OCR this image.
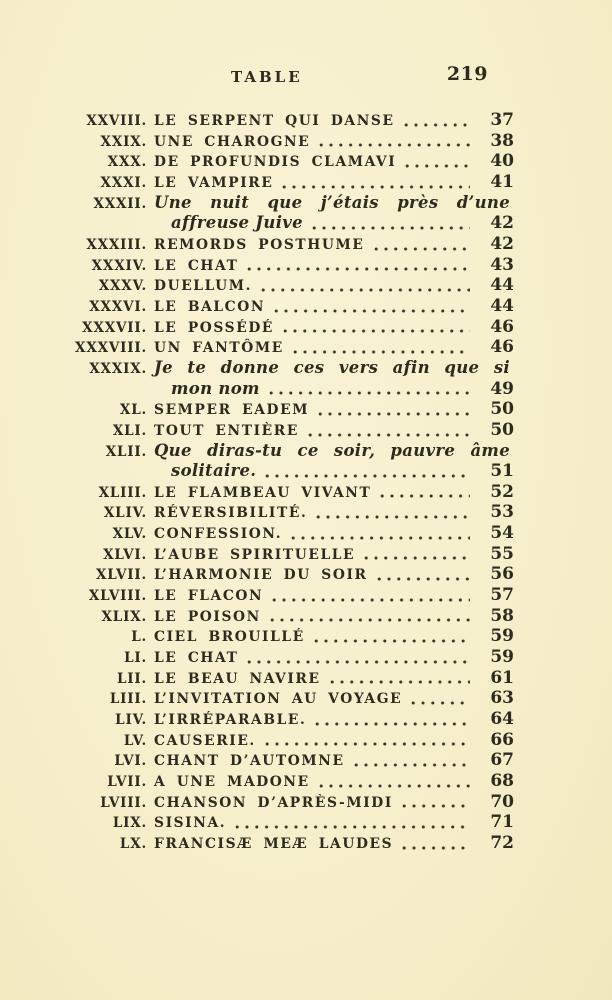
TABLE	219
XXVIII. LE SERPENT QUI DANSE	37
XXIX. UNE CHAROGNE	38
XXX. DE PROFUNDIS CLAMAVI	40
XXXI. LE VAMPIRE	41
XXXII. Une nuit que j’étais près d’une
affreuse Juive	42
XXXIII. REMORDS POSTHUME	42
XXXIV. LE CHAT	43
XXXV. DUELLUM.	44
XXXVI. LE BALCON	44
XXXVII. LE POSSÉDÉ	46
XXXVIII. UN FANTÔME	46
XXXIX. Je te donne ces vers afin que si
mon nom	49
XL. SEMPER EADEM	50
XLI. TOUT ENTIÈRE	50
XLII. Que diras-tu ce soir, pauvre âme
solitaire.	51
XLIII. LE FLAMBEAU VIVANT	52
XLIV. RÉVERSIBILITÉ.	53
XLV. CONFESSION.	54
XLVI. L’AUBE SPIRITUELLE	55
XLVII. L’HARMONIE DU SOIR	56
XLVIII. LE FLACON	57
XLIX. LE POISON	58
L. CIEL BROUILLÉ	59
LI. LE CHAT	59
LII. LE BEAU NAVIRE	61
LIII. L’INVITATION AU VOYAGE	63
LIV. L’IRRÉPARABLE.	64
LV. CAUSERIE.	66
LVI. CHANT D’AUTOMNE	67
LVII. A UNE MADONE	68
LVIII. CHANSON D’APRÈS-MIDI	70
LIX. SISINA.	71
LX. FRANCISÆ MEÆ LAUDES	72
